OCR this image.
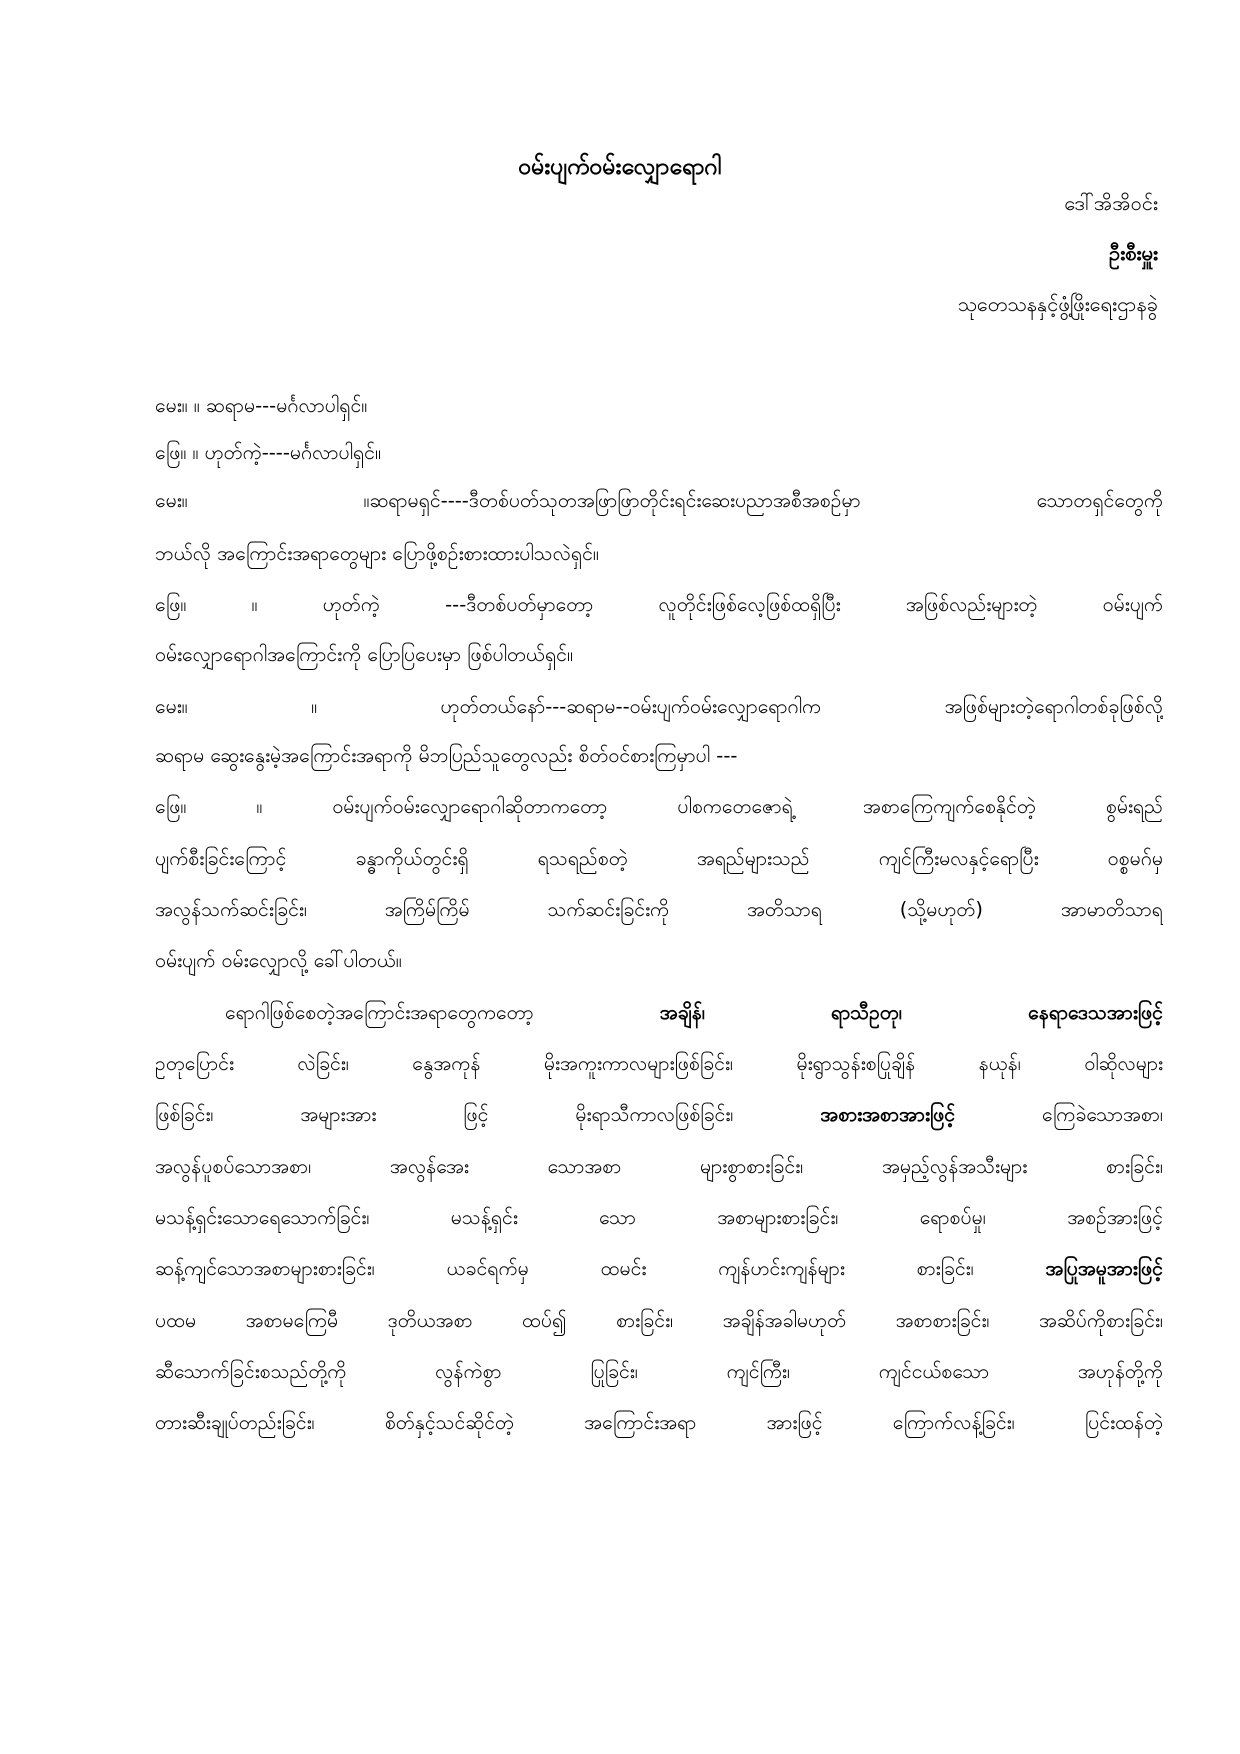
ဝမ်းပျက်ဝမ်းလျှောရောဂါ
ဒေါ်အိအိဝင်း
ဦးစီးမှူး
သုတေသနနှင့်ဖွံ့ဖြိုးရေးဌာနခွဲ
မေး။ ။ ဆရာမ---မင်္ဂလာပါရှင်။
ဖြေ။ ။ ဟုတ်ကဲ့----မင်္ဂလာပါရှင်။
မေး။ ။ဆရာမရှင်----ဒီတစ်ပတ်သုတအဖြာဖြာတိုင်းရင်းဆေးပညာအစီအစဥ်မှာ သောတရှင်တွေကို
ဘယ်လို အကြောင်းအရာတွေများ ပြောဖို့စဥ်းစားထားပါသလဲရှင်။
ဖြေ။ ။ ဟုတ်ကဲ့ ---ဒီတစ်ပတ်မှာတော့ လူတိုင်းဖြစ်လေ့ဖြစ်ထရှိပြီး အဖြစ်လည်းများတဲ့ ဝမ်းပျက်
ဝမ်းလျှောရောဂါအကြောင်းကို ပြောပြပေးမှာ ဖြစ်ပါတယ်ရှင်။
မေး။ ။ ဟုတ်တယ်နော်---ဆရာမ--ဝမ်းပျက်ဝမ်းလျှောရောဂါက အဖြစ်များတဲ့ရောဂါတစ်ခုဖြစ်လို့
ဆရာမ ဆွေးနွေးမဲ့အကြောင်းအရာကို မိဘပြည်သူတွေလည်း စိတ်ဝင်စားကြမှာပါ ---
ဖြေ။ ။ ဝမ်းပျက်ဝမ်းလျှောရောဂါဆိုတာကတော့ ပါစကတေဇောရဲ့ အစာကြေကျက်စေနိုင်တဲ့ စွမ်းရည်
ပျက်စီးခြင်းကြောင့် ခန္ဓာကိုယ်တွင်းရှိ ရသရည်စတဲ့ အရည်များသည် ကျင်ကြီးမလနှင့်ရောပြီး ဝစ္စမဂ်မှ
အလွန်သက်ဆင်းခြင်း၊ အကြိမ်ကြိမ် သက်ဆင်းခြင်းကို အတိသာရ (သို့မဟုတ်) အာမာတိသာရ
ဝမ်းပျက် ဝမ်းလျှောလို့ ခေါ်ပါတယ်။
ရောဂါဖြစ်စေတဲ့အကြောင်းအရာတွေကတော့	အချိန်၊	ရာသီဥတု၊	နေရာဒေသအားဖြင့်
ဥတုပြောင်း လဲခြင်း၊ နွေအကုန် မိုးအကူးကာလများဖြစ်ခြင်း၊ မိုးရွာသွန်းစပြုချိန် နယုန်၊ ဝါဆိုလများ
ဖြစ်ခြင်း၊ အများအား ဖြင့် မိုးရာသီကာလဖြစ်ခြင်း၊	အစားအစာအားဖြင့်	ကြေခဲသောအစာ၊
အလွန်ပူစပ်သောအစာ၊ အလွန်အေး သောအစာ များစွာစားခြင်း၊ အမှည့်လွန်အသီးများ စားခြင်း၊
မသန့်ရှင်းသောရေသောက်ခြင်း၊ မသန့်ရှင်း သော အစာများစားခြင်း၊ ရောစပ်မှု၊ အစဥ်အားဖြင့်
ဆန့်ကျင်သောအစာများစားခြင်း၊ ယခင်ရက်မှ ထမင်း ကျန်ဟင်းကျန်များ စားခြင်း၊	အပြုအမူအားဖြင့်
ပထမ အစာမကြေမီ ဒုတိယအစာ ထပ်၍ စားခြင်း၊ အချိန်အခါမဟုတ် အစာစားခြင်း၊ အဆိပ်ကိုစားခြင်း၊
ဆီသောက်ခြင်းစသည်တို့ကို လွန်ကဲစွာ ပြုခြင်း၊ ကျင်ကြီး၊ ကျင်ငယ်စသော အဟုန်တို့ကို
တားဆီးချုပ်တည်းခြင်း၊ စိတ်နှင့်သင်ဆိုင်တဲ့ အကြောင်းအရာ အားဖြင့် ကြောက်လန့်ခြင်း၊ ပြင်းထန်တဲ့
